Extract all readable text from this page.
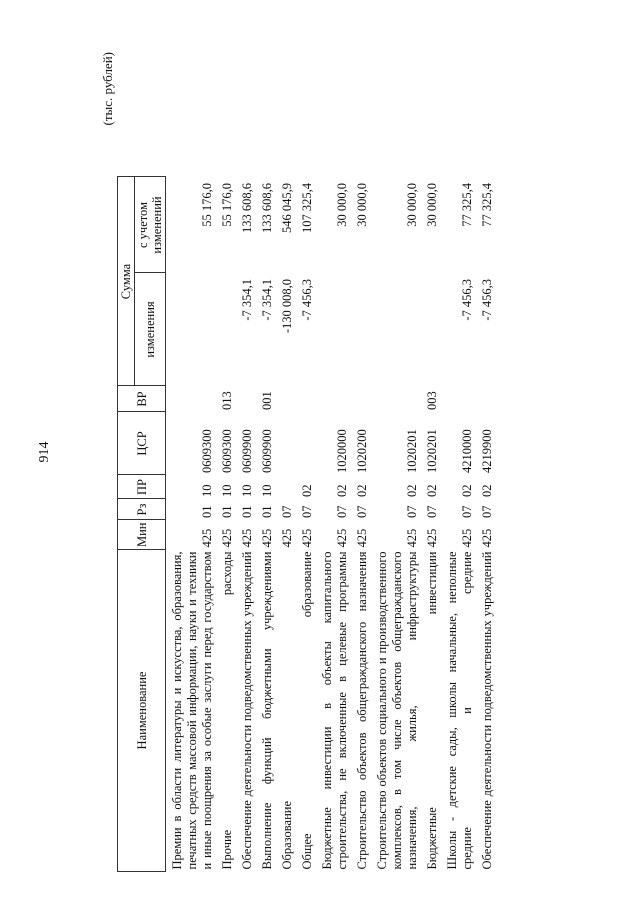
914
(тыс. рублей)
Наименование	Мин	Рз	ПР	ЦСР	ВР	Сумма	
						изменения	с учетом изменений
Премии в области литературы и искусства, образования, печатных средств массовой информации, науки и техники и иные поощрения за особые заслуги перед государством	425	01	10	0609300			55 176,0
Прочие расходы	425	01	10	0609300	013		55 176,0
Обеспечение деятельности подведомственных учреждений	425	01	10	0609900		-7 354,1	133 608,6
Выполнение функций бюджетными учреждениями	425	01	10	0609900	001	-7 354,1	133 608,6
Образование	425	07				-130 008,0	546 045,9
Общее образование	425	07	02			-7 456,3	107 325,4
Бюджетные инвестиции в объекты капитального строительства, не включенные в целевые программы	425	07	02	1020000			30 000,0
Строительство объектов общегражданского назначения	425	07	02	1020200			30 000,0
Строительство объектов социального и производственного комплексов, в том числе объектов общегражданского назначения, жилья, инфраструктуры	425	07	02	1020201			30 000,0
Бюджетные инвестиции	425	07	02	1020201	003		30 000,0
Школы - детские сады, школы начальные, неполные средние и средние	425	07	02	4210000		-7 456,3	77 325,4
Обеспечение деятельности подведомственных учреждений	425	07	02	4219900		-7 456,3	77 325,4
